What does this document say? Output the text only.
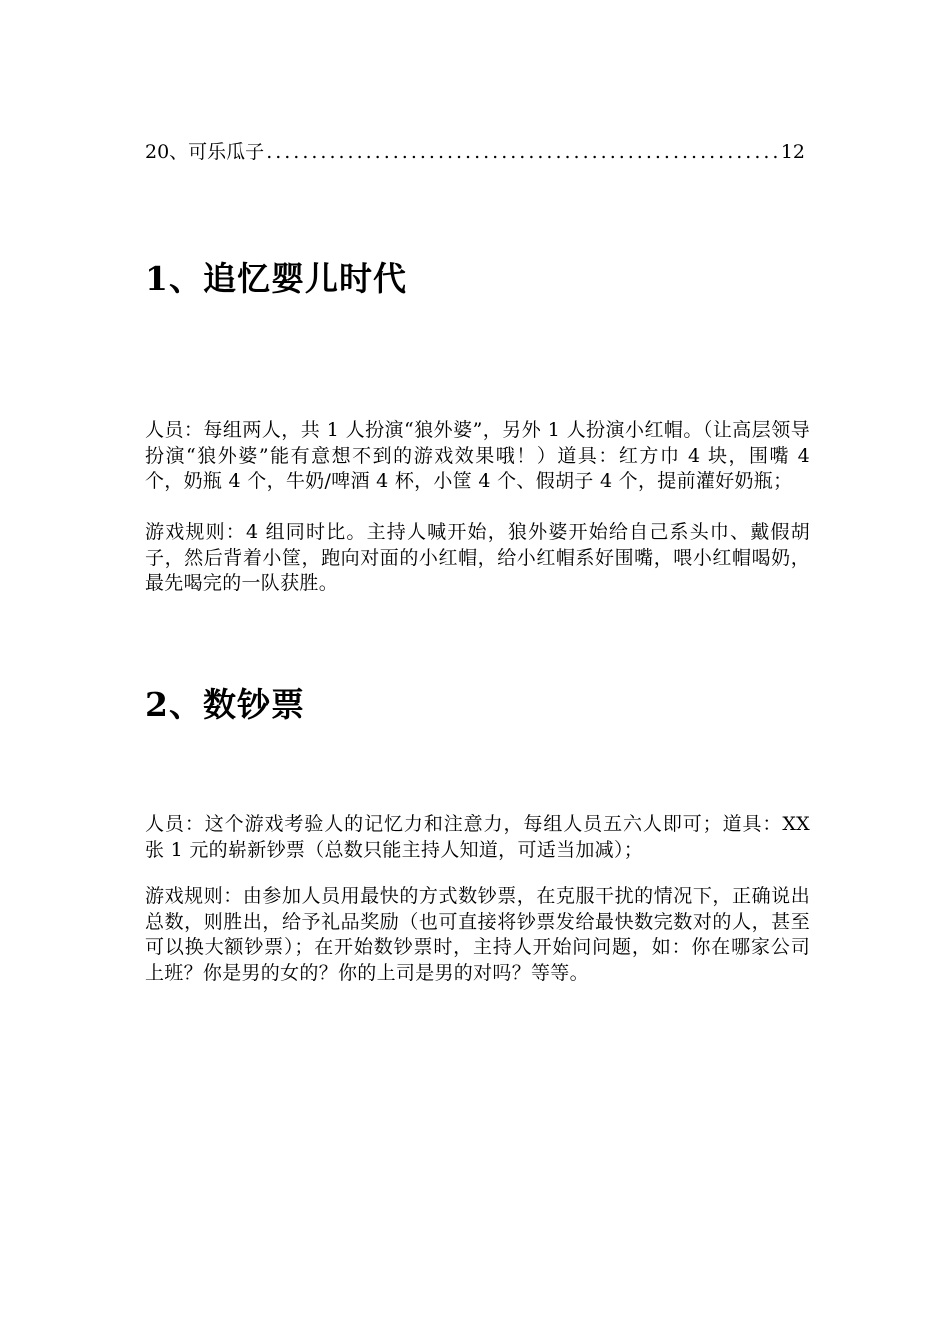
20、可乐瓜子
.....	12
1、追忆婴儿时代

人员：每组两人，共 1 人扮演“狼外婆”，另外 1 人扮演小红帽。（让高层领导扮演“狼外婆”能有意想不到的游戏效果哦！）道具：红方巾 4 块，围嘴 4 个，奶瓶 4 个，牛奶/啤酒 4 杯，小筐 4 个、假胡子 4 个，提前灌好奶瓶；

游戏规则：4 组同时比。主持人喊开始，狼外婆开始给自己系头巾、戴假胡子，然后背着小筐，跑向对面的小红帽，给小红帽系好围嘴，喂小红帽喝奶，最先喝完的一队获胜。

2、数钞票

人员：这个游戏考验人的记忆力和注意力，每组人员五六人即可；道具：XX 张 1 元的崭新钞票（总数只能主持人知道，可适当加减）；

游戏规则：由参加人员用最快的方式数钞票，在克服干扰的情况下，正确说出总数，则胜出，给予礼品奖励（也可直接将钞票发给最快数完数对的人，甚至可以换大额钞票）；在开始数钞票时，主持人开始问问题，如：你在哪家公司上班？你是男的女的？你的上司是男的对吗？等等。
